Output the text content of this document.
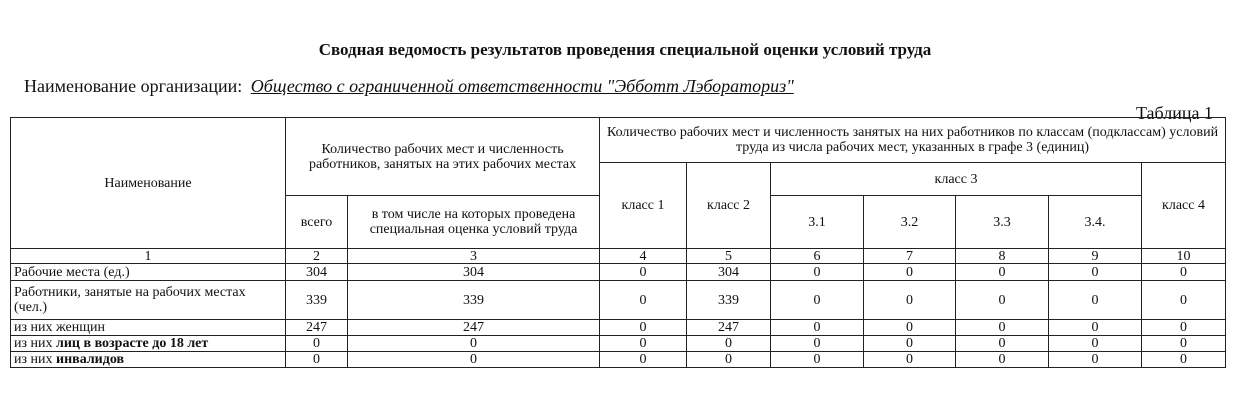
Сводная ведомость результатов проведения специальной оценки условий труда
Наименование организации: Общество с ограниченной ответственности "Эбботт Лэбораториз"
Таблица 1
Наименование	Количество рабочих мест и численность работников, занятых на этих рабочих местах		Количество рабочих мест и численность занятых на них работников по классам (подклассам) условий труда из числа рабочих мест, указанных в графе 3 (единиц)						
			класс 1	класс 2	класс 3				класс 4
	всего	в том числе на которых проведена специальная оценка условий труда			3.1	3.2	3.3	3.4.	
1	2	3	4	5	6	7	8	9	10
Рабочие места (ед.)	304	304	0	304	0	0	0	0	0
Работники, занятые на рабочих местах (чел.)	339	339	0	339	0	0	0	0	0
из них женщин	247	247	0	247	0	0	0	0	0
из них лиц в возрасте до 18 лет	0	0	0	0	0	0	0	0	0
из них инвалидов	0	0	0	0	0	0	0	0	0
